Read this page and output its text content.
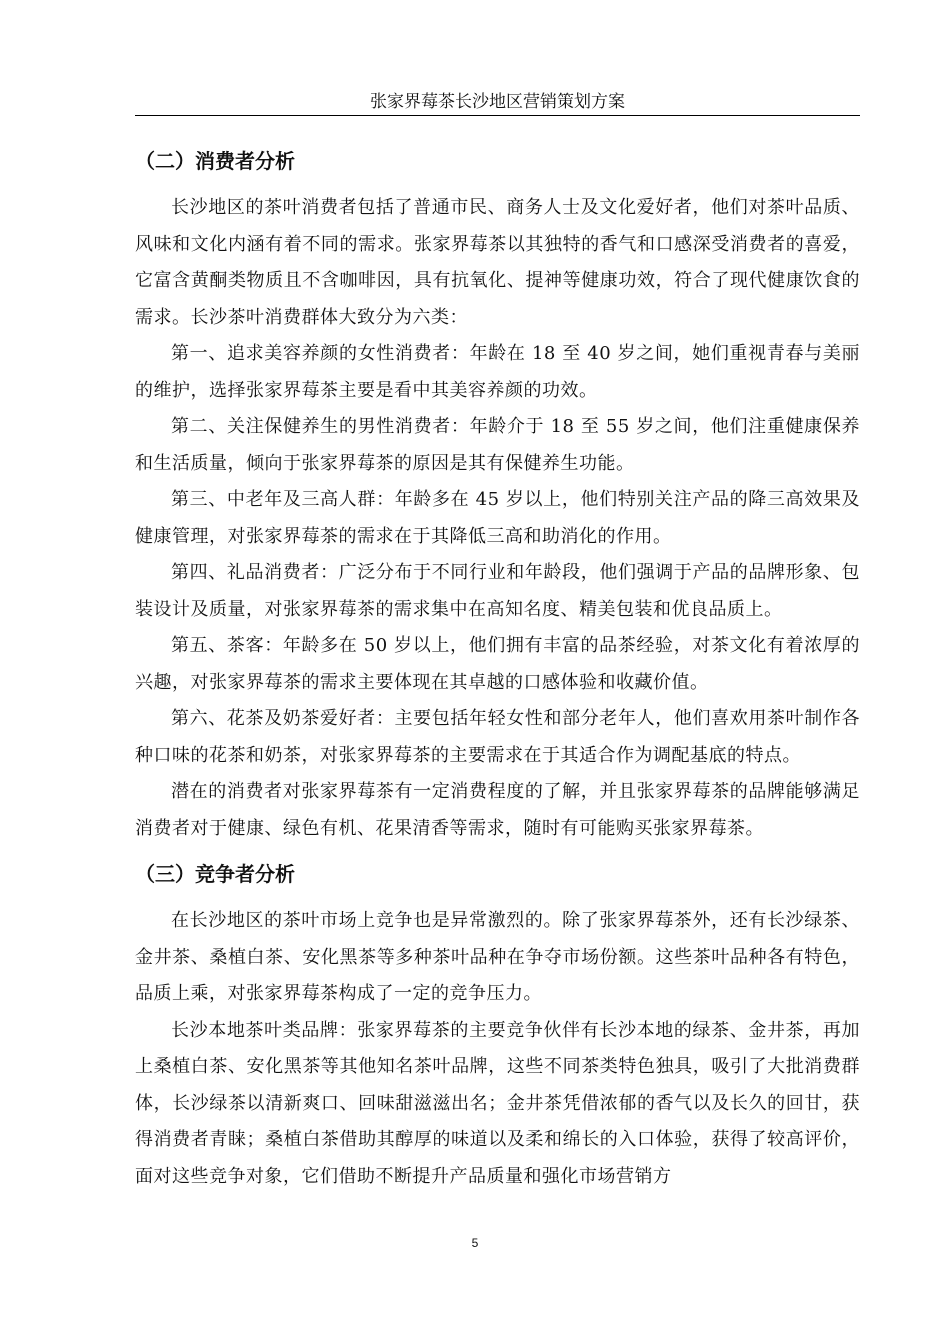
张家界莓茶长沙地区营销策划方案
（二）消费者分析

长沙地区的茶叶消费者包括了普通市民、商务人士及文化爱好者，他们对茶叶品质、风味和文化内涵有着不同的需求。张家界莓茶以其独特的香气和口感深受消费者的喜爱，它富含黄酮类物质且不含咖啡因，具有抗氧化、提神等健康功效，符合了现代健康饮食的需求。长沙茶叶消费群体大致分为六类：

第一、追求美容养颜的女性消费者：年龄在 18 至 40 岁之间，她们重视青春与美丽的维护，选择张家界莓茶主要是看中其美容养颜的功效。

第二、关注保健养生的男性消费者：年龄介于 18 至 55 岁之间，他们注重健康保养和生活质量，倾向于张家界莓茶的原因是其有保健养生功能。

第三、中老年及三高人群：年龄多在 45 岁以上，他们特别关注产品的降三高效果及健康管理，对张家界莓茶的需求在于其降低三高和助消化的作用。

第四、礼品消费者：广泛分布于不同行业和年龄段，他们强调于产品的品牌形象、包装设计及质量，对张家界莓茶的需求集中在高知名度、精美包装和优良品质上。

第五、茶客：年龄多在 50 岁以上，他们拥有丰富的品茶经验，对茶文化有着浓厚的兴趣，对张家界莓茶的需求主要体现在其卓越的口感体验和收藏价值。

第六、花茶及奶茶爱好者：主要包括年轻女性和部分老年人，他们喜欢用茶叶制作各种口味的花茶和奶茶，对张家界莓茶的主要需求在于其适合作为调配基底的特点。

潜在的消费者对张家界莓茶有一定消费程度的了解，并且张家界莓茶的品牌能够满足消费者对于健康、绿色有机、花果清香等需求，随时有可能购买张家界莓茶。

（三）竞争者分析

在长沙地区的茶叶市场上竞争也是异常激烈的。除了张家界莓茶外，还有长沙绿茶、金井茶、桑植白茶、安化黑茶等多种茶叶品种在争夺市场份额。这些茶叶品种各有特色，品质上乘，对张家界莓茶构成了一定的竞争压力。

长沙本地茶叶类品牌：张家界莓茶的主要竞争伙伴有长沙本地的绿茶、金井茶，再加上桑植白茶、安化黑茶等其他知名茶叶品牌，这些不同茶类特色独具，吸引了大批消费群体，长沙绿茶以清新爽口、回味甜滋滋出名；金井茶凭借浓郁的香气以及长久的回甘，获得消费者青睐；桑植白茶借助其醇厚的味道以及柔和绵长的入口体验，获得了较高评价，面对这些竞争对象，它们借助不断提升产品质量和强化市场营销方

5
